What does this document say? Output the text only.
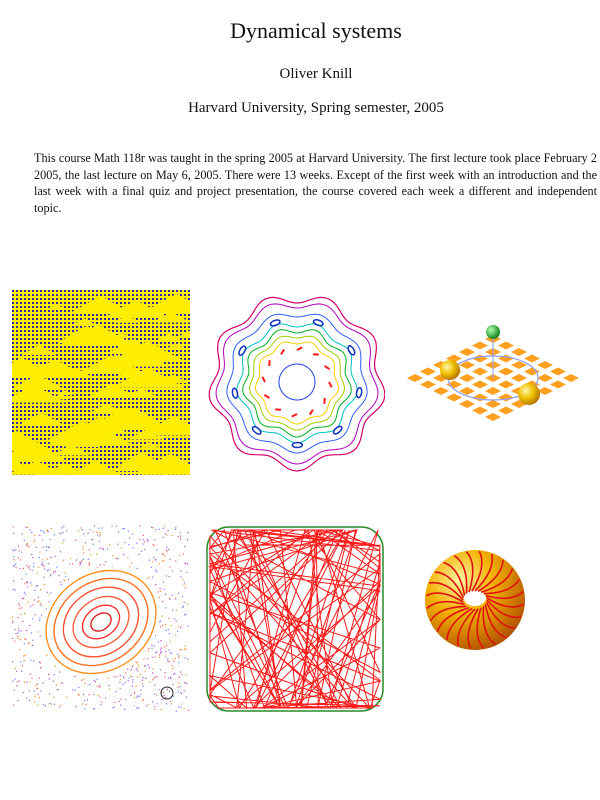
Dynamical systems
Oliver Knill
Harvard University, Spring semester, 2005
This course Math 118r was taught in the spring 2005 at Harvard University. The first lecture took place February 2 2005, the last lecture on May 6, 2005. There were 13 weeks. Except of the first week with an introduction and the last week with a final quiz and project presentation, the course covered each week a different and independent topic.
